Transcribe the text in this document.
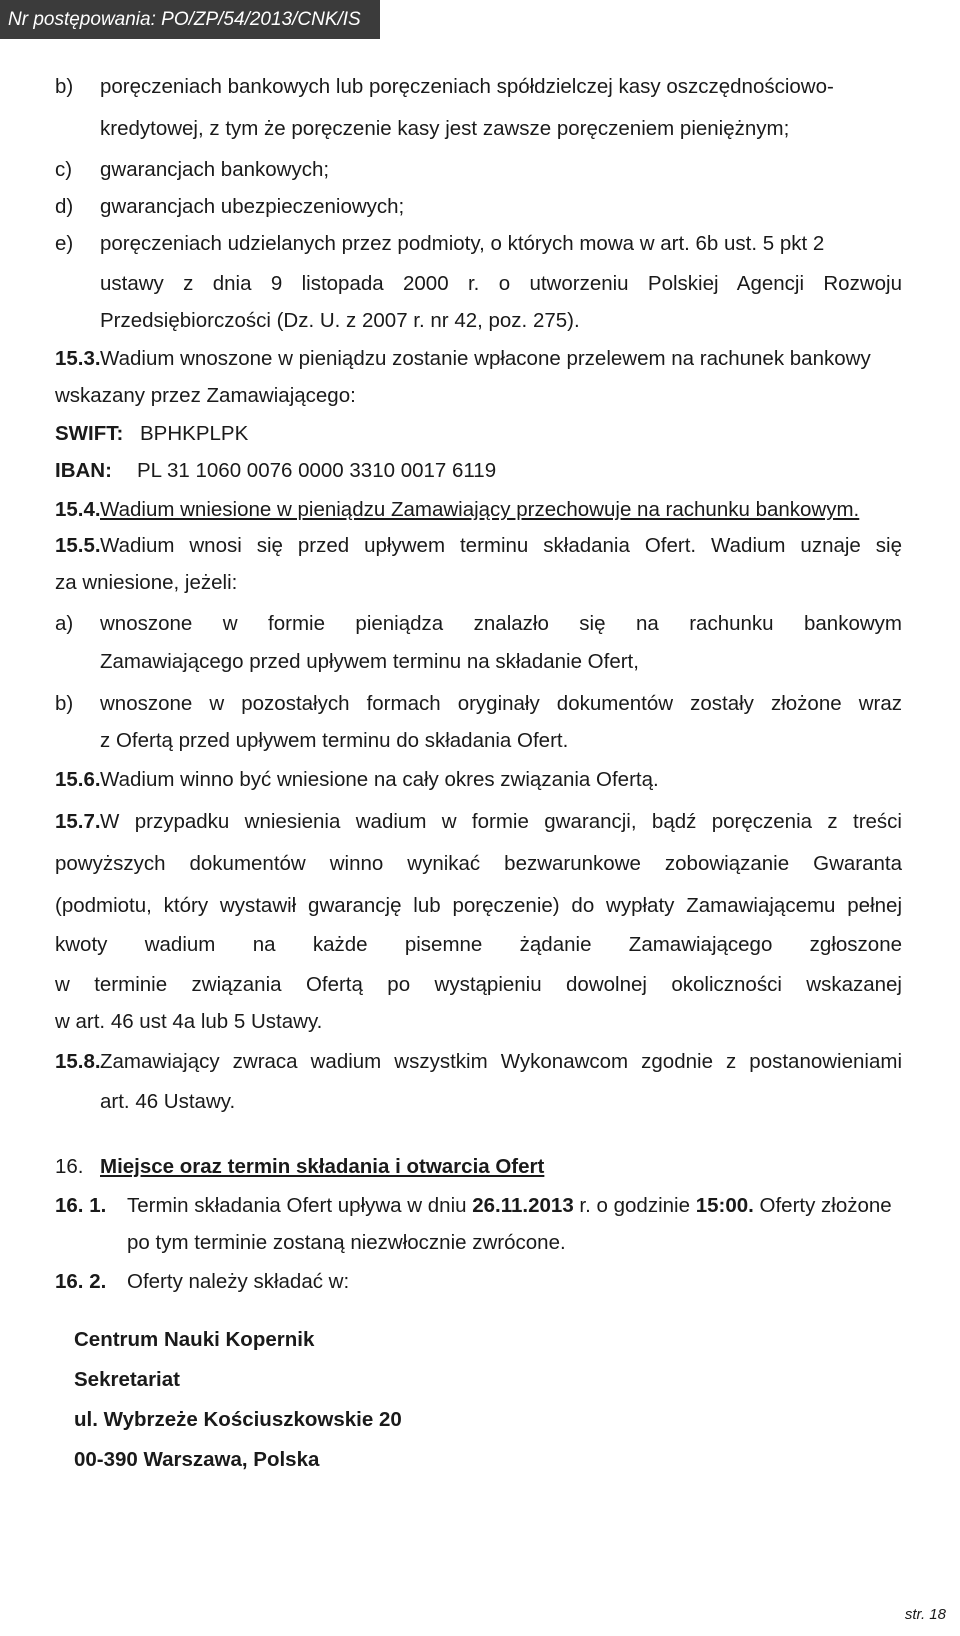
Nr postępowania: PO/ZP/54/2013/CNK/IS
b) poręczeniach bankowych lub poręczeniach spółdzielczej kasy oszczędnościowo-
kredytowej, z tym że poręczenie kasy jest zawsze poręczeniem pieniężnym;
c) gwarancjach bankowych;
d) gwarancjach ubezpieczeniowych;
e) poręczeniach udzielanych przez podmioty, o których mowa w art. 6b ust. 5 pkt 2
ustawy z dnia 9 listopada 2000 r. o utworzeniu Polskiej Agencji Rozwoju
Przedsiębiorczości (Dz. U. z 2007 r. nr 42, poz. 275).
15.3. Wadium wnoszone w pieniądzu zostanie wpłacone przelewem na rachunek bankowy
wskazany przez Zamawiającego:
SWIFT: BPHKPLPK
IBAN: PL 31 1060 0076 0000 3310 0017 6119
15.4. Wadium wniesione w pieniądzu Zamawiający przechowuje na rachunku bankowym.
15.5. Wadium wnosi się przed upływem terminu składania Ofert. Wadium uznaje się
za wniesione, jeżeli:
a) wnoszone w formie pieniądza znalazło się na rachunku bankowym
Zamawiającego przed upływem terminu na składanie Ofert,
b) wnoszone w pozostałych formach oryginały dokumentów zostały złożone wraz
z Ofertą przed upływem terminu do składania Ofert.
15.6. Wadium winno być wniesione na cały okres związania Ofertą.
15.7. W przypadku wniesienia wadium w formie gwarancji, bądź poręczenia z treści
powyższych dokumentów winno wynikać bezwarunkowe zobowiązanie Gwaranta
(podmiotu, który wystawił gwarancję lub poręczenie) do wypłaty Zamawiającemu pełnej
kwoty wadium na każde pisemne żądanie Zamawiającego zgłoszone
w terminie związania Ofertą po wystąpieniu dowolnej okoliczności wskazanej
w art. 46 ust 4a lub 5 Ustawy.
15.8. Zamawiający zwraca wadium wszystkim Wykonawcom zgodnie z postanowieniami
art. 46 Ustawy.
16. Miejsce oraz termin składania i otwarcia Ofert
16. 1. Termin składania Ofert upływa w dniu 26.11.2013 r. o godzinie 15:00. Oferty złożone
po tym terminie zostaną niezwłocznie zwrócone.
16. 2. Oferty należy składać w:
Centrum Nauki Kopernik
Sekretariat
ul. Wybrzeże Kościuszkowskie 20
00-390 Warszawa, Polska
str. 18
